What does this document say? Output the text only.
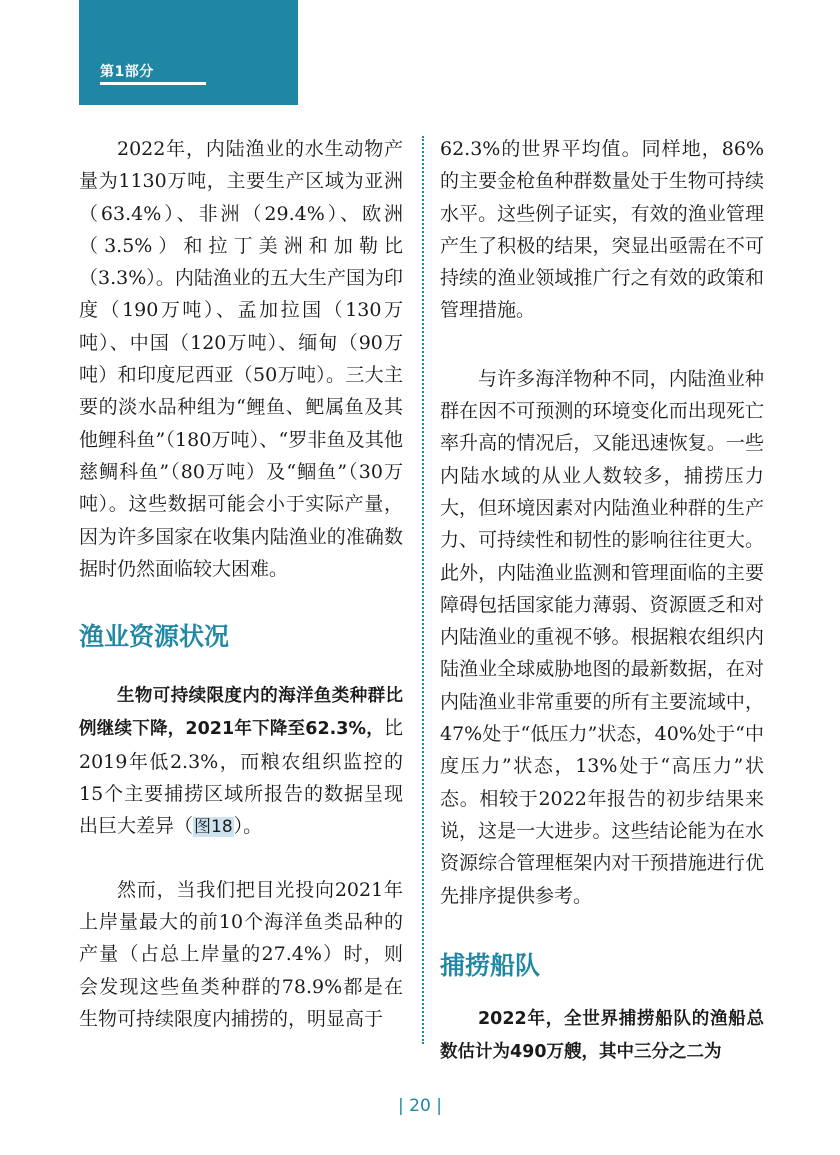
第1部分

2022年，内陆渔业的水生动物产量为1130万吨，主要生产区域为亚洲（63.4%）、非洲（29.4%）、欧洲（3.5%）和拉丁美洲和加勒比（3.3%）。内陆渔业的五大生产国为印度（190万吨）、孟加拉国（130万吨）、中国（120万吨）、缅甸（90万吨）和印度尼西亚（50万吨）。三大主要的淡水品种组为“鲤鱼、鲃属鱼及其他鲤科鱼”（180万吨）、“罗非鱼及其他慈鲷科鱼”（80万吨）及“鲴鱼”（30万吨）。这些数据可能会小于实际产量，因为许多国家在收集内陆渔业的准确数据时仍然面临较大困难。

渔业资源状况

生物可持续限度内的海洋鱼类种群比例继续下降，2021年下降至62.3%，比2019年低2.3%，而粮农组织监控的15个主要捕捞区域所报告的数据呈现出巨大差异（图18）。

然而，当我们把目光投向2021年上岸量最大的前10个海洋鱼类品种的产量（占总上岸量的27.4%）时，则会发现这些鱼类种群的78.9%都是在生物可持续限度内捕捞的，明显高于

62.3%的世界平均值。同样地，86%的主要金枪鱼种群数量处于生物可持续水平。这些例子证实，有效的渔业管理产生了积极的结果，突显出亟需在不可持续的渔业领域推广行之有效的政策和管理措施。

与许多海洋物种不同，内陆渔业种群在因不可预测的环境变化而出现死亡率升高的情况后，又能迅速恢复。一些内陆水域的从业人数较多，捕捞压力大，但环境因素对内陆渔业种群的生产力、可持续性和韧性的影响往往更大。此外，内陆渔业监测和管理面临的主要障碍包括国家能力薄弱、资源匮乏和对内陆渔业的重视不够。根据粮农组织内陆渔业全球威胁地图的最新数据，在对内陆渔业非常重要的所有主要流域中，47%处于“低压力”状态，40%处于“中度压力”状态，13%处于“高压力”状态。相较于2022年报告的初步结果来说，这是一大进步。这些结论能为在水资源综合管理框架内对干预措施进行优先排序提供参考。

捕捞船队

2022年，全世界捕捞船队的渔船总数估计为490万艘，其中三分之二为

| 20 |
